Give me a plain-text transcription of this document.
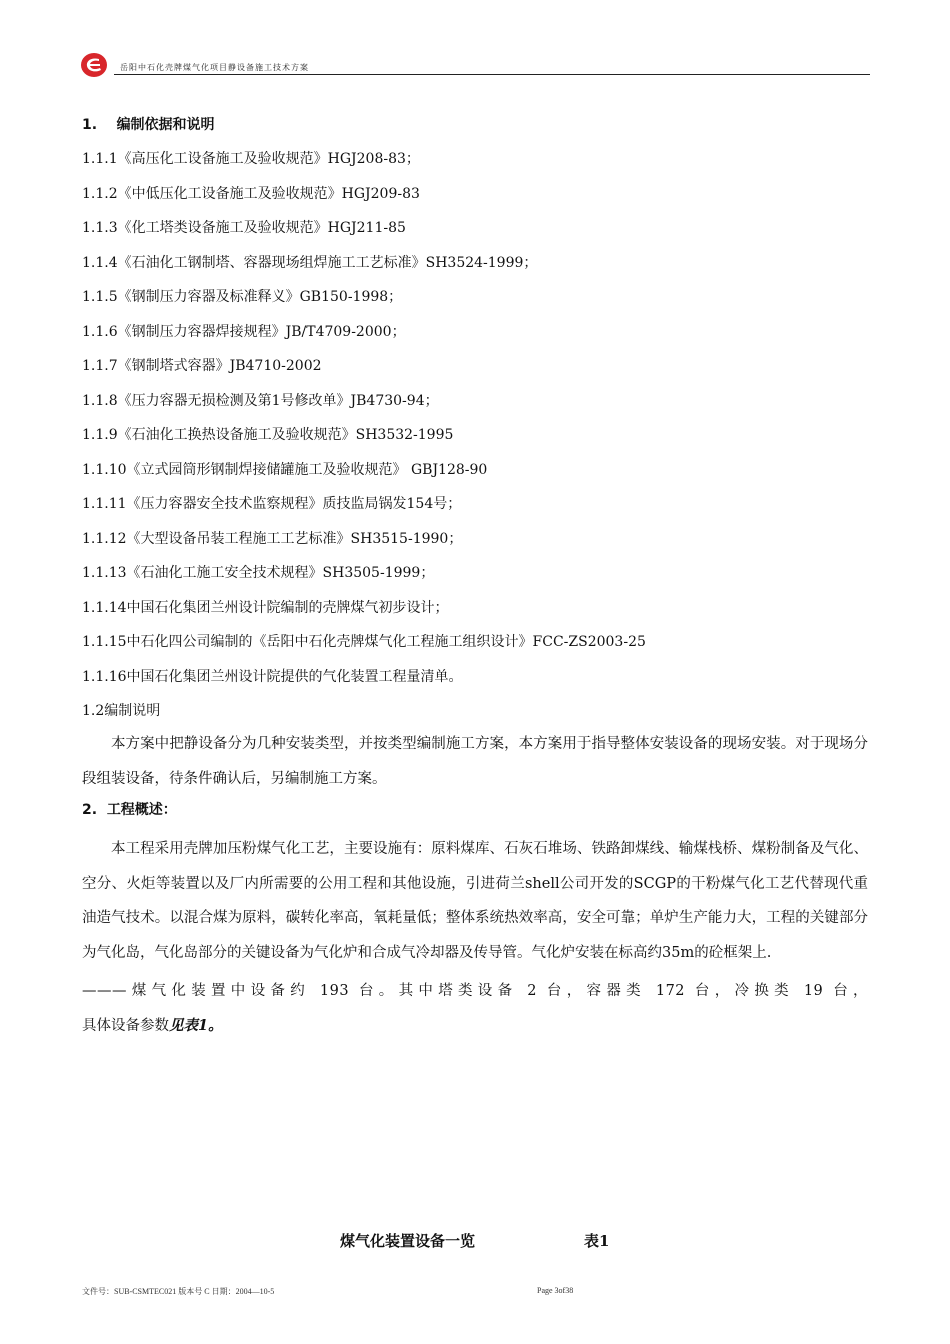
岳阳中石化壳牌煤气化项目静设备施工技术方案

1. 编制依据和说明

1.1.1《高压化工设备施工及验收规范》HGJ208-83；

1.1.2《中低压化工设备施工及验收规范》HGJ209-83

1.1.3《化工塔类设备施工及验收规范》HGJ211-85

1.1.4《石油化工钢制塔、容器现场组焊施工工艺标准》SH3524-1999；

1.1.5《钢制压力容器及标准释义》GB150-1998；

1.1.6《钢制压力容器焊接规程》JB/T4709-2000；

1.1.7《钢制塔式容器》JB4710-2002

1.1.8《压力容器无损检测及第1号修改单》JB4730-94；

1.1.9《石油化工换热设备施工及验收规范》SH3532-1995

1.1.10《立式园筒形钢制焊接储罐施工及验收规范》 GBJ128-90

1.1.11《压力容器安全技术监察规程》质技监局锅发154号；

1.1.12《大型设备吊装工程施工工艺标准》SH3515-1990；

1.1.13《石油化工施工安全技术规程》SH3505-1999；

1.1.14中国石化集团兰州设计院编制的壳牌煤气初步设计；

1.1.15中石化四公司编制的《岳阳中石化壳牌煤气化工程施工组织设计》FCC-ZS2003-25

1.1.16中国石化集团兰州设计院提供的气化装置工程量清单。

1.2编制说明

本方案中把静设备分为几种安装类型，并按类型编制施工方案，本方案用于指导整体安装设备的现场安装。对于现场分段组装设备，待条件确认后，另编制施工方案。

2. 工程概述：

本工程采用壳牌加压粉煤气化工艺，主要设施有：原料煤库、石灰石堆场、铁路卸煤线、输煤栈桥、煤粉制备及气化、空分、火炬等装置以及厂内所需要的公用工程和其他设施，引进荷兰shell公司开发的SCGP的干粉煤气化工艺代替现代重油造气技术。以混合煤为原料，碳转化率高，氧耗量低；整体系统热效率高，安全可靠；单炉生产能力大，工程的关键部分为气化岛，气化岛部分的关键设备为气化炉和合成气冷却器及传导管。气化炉安装在标高约35m的砼框架上.

———煤气化装置中设备约 193 台。其中塔类设备 2 台，容器类 172 台，冷换类 19 台，

具体设备参数见表1。

煤气化装置设备一览	表1
文件号：SUB-CSMTEC021 版本号 C 日期：2004—10-5	Page 3of38
